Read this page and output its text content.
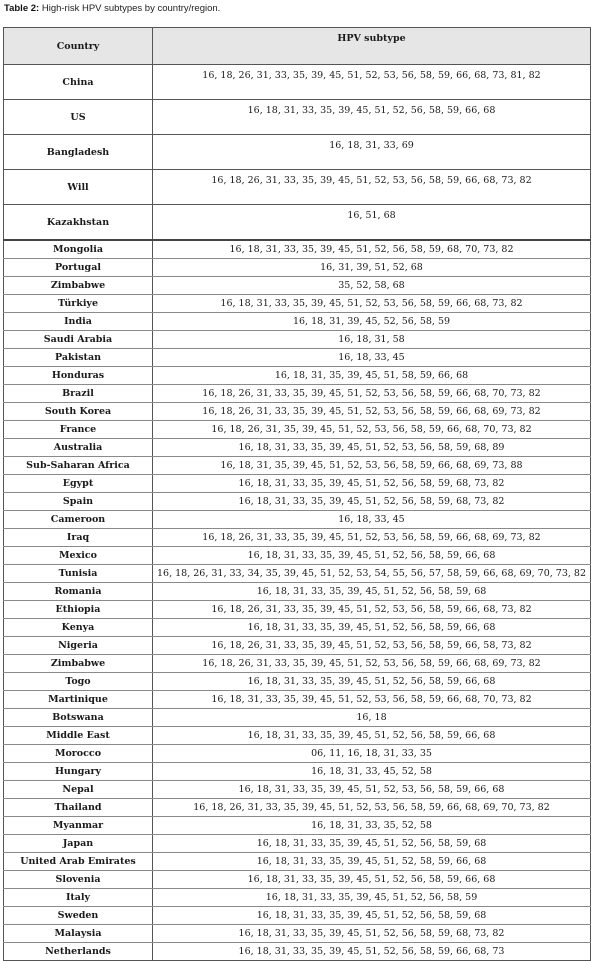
Table 2: High-risk HPV subtypes by country/region.
Country	HPV subtype
China	16, 18, 26, 31, 33, 35, 39, 45, 51, 52, 53, 56, 58, 59, 66, 68, 73, 81, 82
US	16, 18, 31, 33, 35, 39, 45, 51, 52, 56, 58, 59, 66, 68
Bangladesh	16, 18, 31, 33, 69
Will	16, 18, 26, 31, 33, 35, 39, 45, 51, 52, 53, 56, 58, 59, 66, 68, 73, 82
Kazakhstan	16, 51, 68
Mongolia	16, 18, 31, 33, 35, 39, 45, 51, 52, 56, 58, 59, 68, 70, 73, 82
Portugal	16, 31, 39, 51, 52, 68
Zimbabwe	35, 52, 58, 68
Türkiye	16, 18, 31, 33, 35, 39, 45, 51, 52, 53, 56, 58, 59, 66, 68, 73, 82
India	16, 18, 31, 39, 45, 52, 56, 58, 59
Saudi Arabia	16, 18, 31, 58
Pakistan	16, 18, 33, 45
Honduras	16, 18, 31, 35, 39, 45, 51, 58, 59, 66, 68
Brazil	16, 18, 26, 31, 33, 35, 39, 45, 51, 52, 53, 56, 58, 59, 66, 68, 70, 73, 82
South Korea	16, 18, 26, 31, 33, 35, 39, 45, 51, 52, 53, 56, 58, 59, 66, 68, 69, 73, 82
France	16, 18, 26, 31, 35, 39, 45, 51, 52, 53, 56, 58, 59, 66, 68, 70, 73, 82
Australia	16, 18, 31, 33, 35, 39, 45, 51, 52, 53, 56, 58, 59, 68, 89
Sub-Saharan Africa	16, 18, 31, 35, 39, 45, 51, 52, 53, 56, 58, 59, 66, 68, 69, 73, 88
Egypt	16, 18, 31, 33, 35, 39, 45, 51, 52, 56, 58, 59, 68, 73, 82
Spain	16, 18, 31, 33, 35, 39, 45, 51, 52, 56, 58, 59, 68, 73, 82
Cameroon	16, 18, 33, 45
Iraq	16, 18, 26, 31, 33, 35, 39, 45, 51, 52, 53, 56, 58, 59, 66, 68, 69, 73, 82
Mexico	16, 18, 31, 33, 35, 39, 45, 51, 52, 56, 58, 59, 66, 68
Tunisia	16, 18, 26, 31, 33, 34, 35, 39, 45, 51, 52, 53, 54, 55, 56, 57, 58, 59, 66, 68, 69, 70, 73, 82
Romania	16, 18, 31, 33, 35, 39, 45, 51, 52, 56, 58, 59, 68
Ethiopia	16, 18, 26, 31, 33, 35, 39, 45, 51, 52, 53, 56, 58, 59, 66, 68, 73, 82
Kenya	16, 18, 31, 33, 35, 39, 45, 51, 52, 56, 58, 59, 66, 68
Nigeria	16, 18, 26, 31, 33, 35, 39, 45, 51, 52, 53, 56, 58, 59, 66, 58, 73, 82
Zimbabwe	16, 18, 26, 31, 33, 35, 39, 45, 51, 52, 53, 56, 58, 59, 66, 68, 69, 73, 82
Togo	16, 18, 31, 33, 35, 39, 45, 51, 52, 56, 58, 59, 66, 68
Martinique	16, 18, 31, 33, 35, 39, 45, 51, 52, 53, 56, 58, 59, 66, 68, 70, 73, 82
Botswana	16, 18
Middle East	16, 18, 31, 33, 35, 39, 45, 51, 52, 56, 58, 59, 66, 68
Morocco	06, 11, 16, 18, 31, 33, 35
Hungary	16, 18, 31, 33, 45, 52, 58
Nepal	16, 18, 31, 33, 35, 39, 45, 51, 52, 53, 56, 58, 59, 66, 68
Thailand	16, 18, 26, 31, 33, 35, 39, 45, 51, 52, 53, 56, 58, 59, 66, 68, 69, 70, 73, 82
Myanmar	16, 18, 31, 33, 35, 52, 58
Japan	16, 18, 31, 33, 35, 39, 45, 51, 52, 56, 58, 59, 68
United Arab Emirates	16, 18, 31, 33, 35, 39, 45, 51, 52, 58, 59, 66, 68
Slovenia	16, 18, 31, 33, 35, 39, 45, 51, 52, 56, 58, 59, 66, 68
Italy	16, 18, 31, 33, 35, 39, 45, 51, 52, 56, 58, 59
Sweden	16, 18, 31, 33, 35, 39, 45, 51, 52, 56, 58, 59, 68
Malaysia	16, 18, 31, 33, 35, 39, 45, 51, 52, 56, 58, 59, 68, 73, 82
Netherlands	16, 18, 31, 33, 35, 39, 45, 51, 52, 56, 58, 59, 66, 68, 73
